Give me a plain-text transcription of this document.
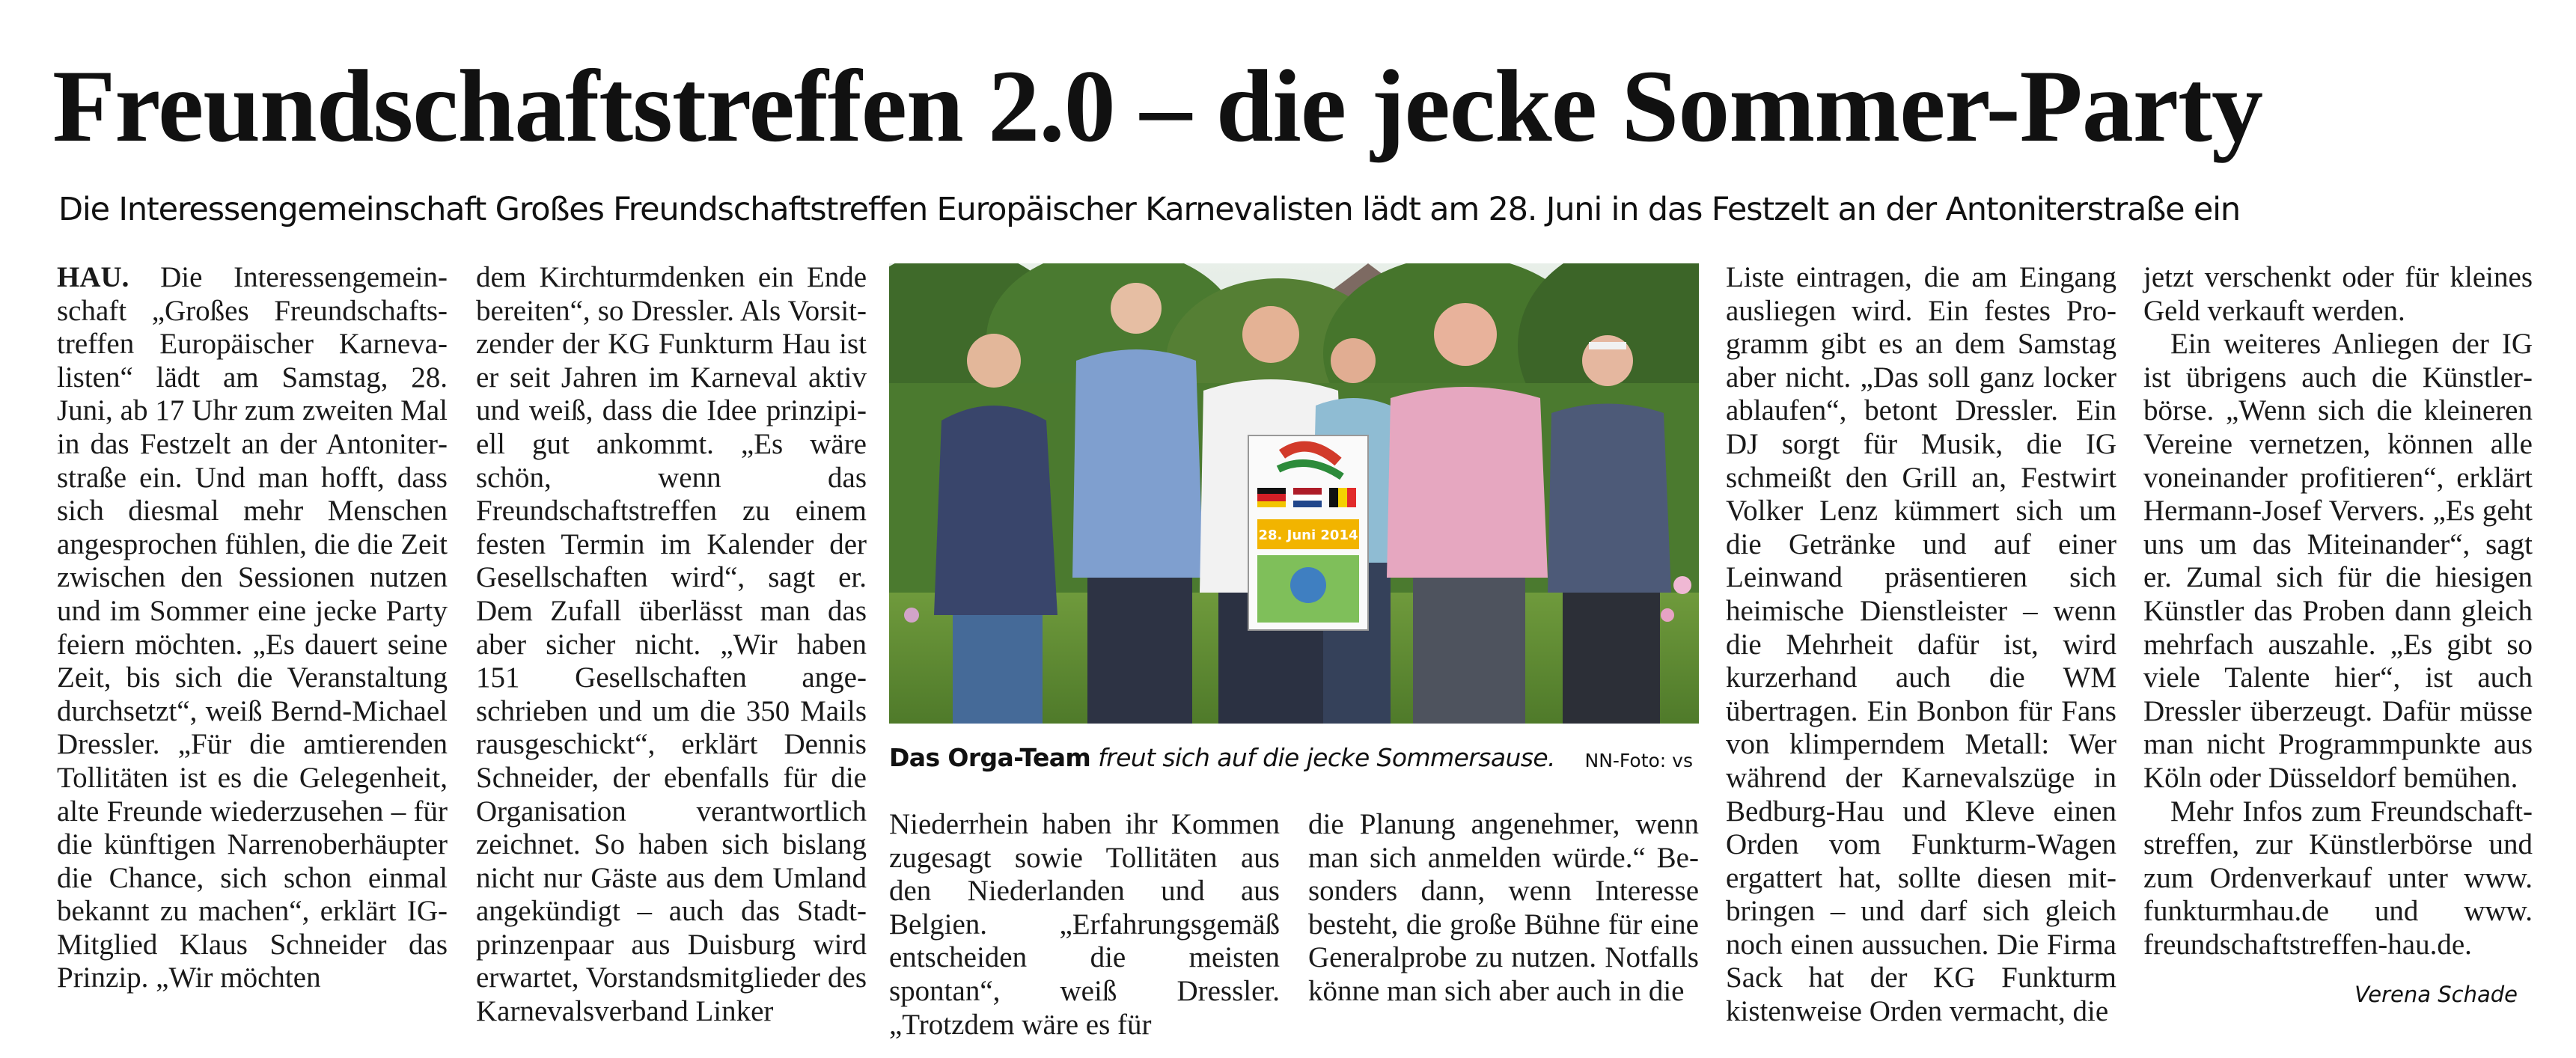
Freundschaftstreffen 2.0 – die jecke Sommer-Party
Die Interessengemeinschaft Großes Freundschaftstreffen Europäischer Karnevalisten lädt am 28. Juni in das Festzelt an der Antoniterstraße ein

HAU. Die Interessengemeinschaft „Großes Freundschaftstreffen Europäischer Karnevalisten“ lädt am Samstag, 28. Juni, ab 17 Uhr zum zweiten Mal in das Festzelt an der Antoniterstraße ein. Und man hofft, dass sich diesmal mehr Menschen angesprochen fühlen, die die Zeit zwischen den Sessionen nutzen und im Sommer eine jecke Party feiern möchten. „Es dauert seine Zeit, bis sich die Veranstaltung durchsetzt“, weiß Bernd-Michael Dressler. „Für die amtierenden Tollitäten ist es die Gelegenheit, alte Freunde wiederzusehen – für die künftigen Narrenoberhäupter die Chance, sich schon einmal bekannt zu machen“, erklärt IG-Mitglied Klaus Schneider das Prinzip. „Wir möchten

dem Kirchturmdenken ein Ende bereiten“, so Dressler. Als Vorsitzender der KG Funkturm Hau ist er seit Jahren im Karneval aktiv und weiß, dass die Idee prinzipiell gut ankommt. „Es wäre schön, wenn das Freundschaftstreffen zu einem festen Termin im Kalender der Gesellschaften wird“, sagt er. Dem Zufall überlässt man das aber sicher nicht. „Wir haben 151 Gesellschaften angeschrieben und um die 350 Mails rausgeschickt“, erklärt Dennis Schneider, der ebenfalls für die Organisation verantwortlich zeichnet. So haben sich bislang nicht nur Gäste aus dem Umland angekündigt – auch das Stadtprinzenpaar aus Duisburg wird erwartet, Vorstandsmitglieder des Karnevalsverband Linker

28. Juni 2014
Das Orga-Team freut sich auf die jecke Sommersause. NN-Foto: vs

Niederrhein haben ihr Kommen zugesagt sowie Tollitäten aus den Niederlanden und aus Belgien. „Erfahrungsgemäß entscheiden die meisten spontan“, weiß Dressler. „Trotzdem wäre es für

die Planung angenehmer, wenn man sich anmelden würde.“ Besonders dann, wenn Interesse besteht, die große Bühne für eine Generalprobe zu nutzen. Notfalls könne man sich aber auch in die

Liste eintragen, die am Eingang ausliegen wird. Ein festes Programm gibt es an dem Samstag aber nicht. „Das soll ganz locker ablaufen“, betont Dressler. Ein DJ sorgt für Musik, die IG schmeißt den Grill an, Festwirt Volker Lenz kümmert sich um die Getränke und auf einer Leinwand präsentieren sich heimische Dienstleister – wenn die Mehrheit dafür ist, wird kurzerhand auch die WM übertragen. Ein Bonbon für Fans von klimperndem Metall: Wer während der Karnevalszüge in Bedburg-Hau und Kleve einen Orden vom Funkturm-Wagen ergattert hat, sollte diesen mitbringen – und darf sich gleich noch einen aussuchen. Die Firma Sack hat der KG Funkturm kistenweise Orden vermacht, die

jetzt verschenkt oder für kleines Geld verkauft werden.

Ein weiteres Anliegen der IG ist übrigens auch die Künstlerbörse. „Wenn sich die kleineren Vereine vernetzen, können alle voneinander profitieren“, erklärt Hermann-Josef Ververs. „Es geht uns um das Miteinander“, sagt er. Zumal sich für die hiesigen Künstler das Proben dann gleich mehrfach auszahle. „Es gibt so viele Talente hier“, ist auch Dressler überzeugt. Dafür müsse man nicht Programmpunkte aus Köln oder Düsseldorf bemühen.

Mehr Infos zum Freundschaftstreffen, zur Künstlerbörse und zum Ordenverkauf unter www. funkturmhau.de und www. freundschaftstreffen-hau.de.

Verena Schade
